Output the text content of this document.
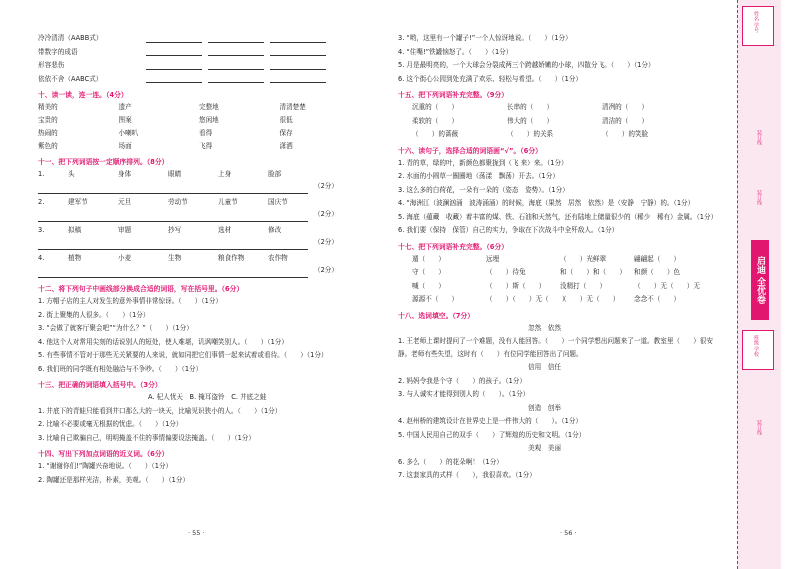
冷冷清清（AABB式）
带数字的成语
形容悲伤
依依不舍（AABC式）
十、读一读，连一连。（4分）
精美的	遗产	完整地	清清楚楚
宝贵的	图案	悠闲地	很低
热闹的	小喇叭	看得	保存
紫色的	场面	飞得	潇洒
十一、把下列词语按一定顺序排列。（8分）
1.	头	身体	眼睛	上身	脸部
（2分）
2.	建军节	元旦	劳动节	儿童节	国庆节
（2分）
3.	拟稿	审题	抄写	选材	修改
（2分）
4.	植物	小麦	生物	粮食作物	农作物
（2分）
十二、将下列句子中画线部分换成合适的词语，写在括号里。（6分）
1. 方帽子店的主人对发生的意外事情非常惊讶。（　　）（1分）
2. 街上聚集的人很多。（　　）（1分）
3. “会做了就客厅聚会吧”“为什么？”（　　）（1分）
4. 他这个人对常用尖刻的话说别人的短处，使人难堪，讥讽嘲笑别人。（　　）（1分）
5. 有些事情不管对于那些无关紧要的人来说，就如同把它们事情一起来试着或看待。（　　）（1分）
6. 我们班的同学既有相处融洽与不争吵。（　　）（1分）
十三、把正确的词语填入括号中。（3分）
A. 杞人忧天　B. 掩耳盗铃　C. 井底之蛙
1. 井底下的青蛙只能看到井口那么大的一块天，比喻见识狭小的人。（　　）（1分）
2. 比喻不必要或毫无根据的忧虑。（　　）（1分）
3. 比喻自己欺骗自己，明明掩盖不住的事情偏要设法掩盖。（　　）（1分）
十四、写出下列加点词语的近义词。（6分）
1. “谢谢你们!”陶罐兴奋地说。（　　）（1分）
2. 陶罐还是那样光洁，朴素，美观。（　　）（1分）
· 55 ·
3. “哟，这里有一个罐子!”一个人惊讶地说。（　　）（1分）
4. “住嘴!”铁罐恼怒了。（　　）（1分）
5. 月是最明亮的，一个大球会分裂成两三个跨越娇嫩的小球，四散分飞。（　　）（1分）
6. 这个街心公园到处充满了欢乐、轻松与希望。（　　）（1分）
十五、把下列词语补充完整。（9分）
沉重的（　　）	长串的（　　）	清冽的（　　）
柔软的（　　）	伟大的（　　）	清洁的（　　）
（　　）的蔷薇	（　　）的关系	（　　）的笑脸
十六、读句子，选择合适的词语画“√”。（6分）
1. 青的草，绿的叶，新颜色都聚拢到（飞 来）来。（1分）
2. 水面的小圆草一圈圈地（荡漾　飘荡）开去。（1分）
3. 这么多的白荷花，一朵有一朵的（姿态　姿势）。（1分）
4. “海洲江（波澜汹涌　波涛涌涌）的时候，海底（果然　居然　依然）是（安静　宁静）的。（1分）
5. 海底（蕴藏　收藏）着丰富的煤、铁、石油和天然气，还有陆地上储量很少的（稀少　稀有）金属。（1分）
6. 我们要（保持　保管）自己的实力，争取在下次战斗中全歼敌人。（1分）
十七、把下列词语补充完整。（6分）
遁（　　）	远埋	（　　）光鲜翠	翩翩起（　　）
守（　　）	（　　）待兔	和（　　）和（　　） 和颜（　　）色
喊（　　）	（　　）斯（　　） 没精打（　　）	（　　）无（　　）无
源源不（　　）	（　　）（　　）无（　　）（　　）无（　　） 念念不（　　）
十八、选词填空。（7分）
忽然　依然
1. 王老师上课时提问了一个难题，没有人能回答。（　　）一个同学想出问题来了一道。教室里（　　）很安静。老师有些失望，这时有（　　）有位同学能回答出了问题。
信用　信任
2. 妈妈令我是个守（　　）的孩子。（1分）
3. 与人诚实才能得到别人的（　　）。（1分）
创造　创举
4. 赵州桥的建筑设计在世界史上是一件伟大的（　　）。（1分）
5. 中国人民用自己的双手（　　）了辉煌的历史和文明。（1分）
美观　美丽
6. 多么（　　）的花朵啊！（1分）
7. 这套家具的式样（　　），我很喜欢。（1分）
· 56 ·
姓名 学号
装订线
启迪 全优卷
装订线
班级 学校
装订线
